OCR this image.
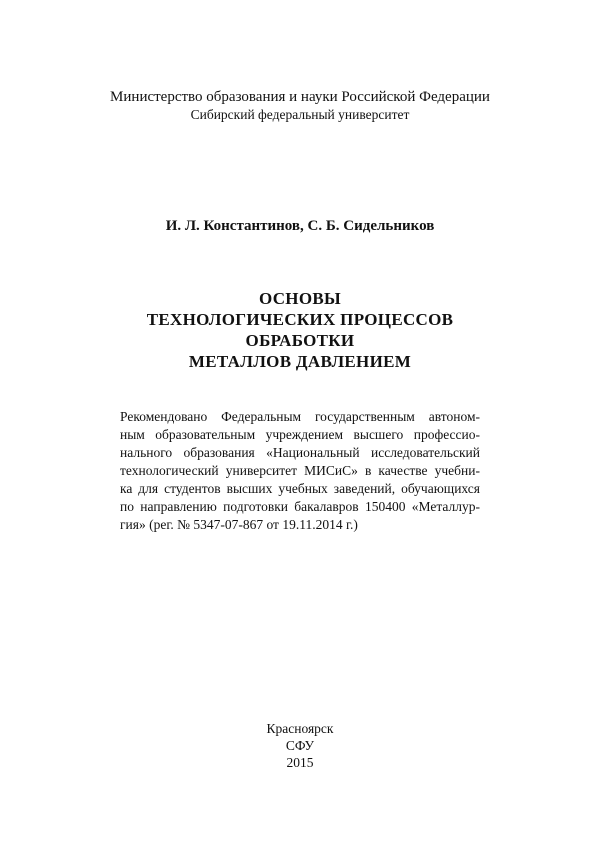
Министерство образования и науки Российской Федерации
Сибирский федеральный университет
И. Л. Константинов, С. Б. Сидельников
ОСНОВЫ
ТЕХНОЛОГИЧЕСКИХ ПРОЦЕССОВ
ОБРАБОТКИ
МЕТАЛЛОВ ДАВЛЕНИЕМ
Рекомендовано Федеральным государственным автоном-
ным образовательным учреждением высшего профессио-
нального образования «Национальный исследовательский
технологический университет МИСиС» в качестве учебни-
ка для студентов высших учебных заведений, обучающихся
по направлению подготовки бакалавров 150400 «Металлур-
гия» (рег. № 5347-07-867 от 19.11.2014 г.)
Красноярск
СФУ
2015
